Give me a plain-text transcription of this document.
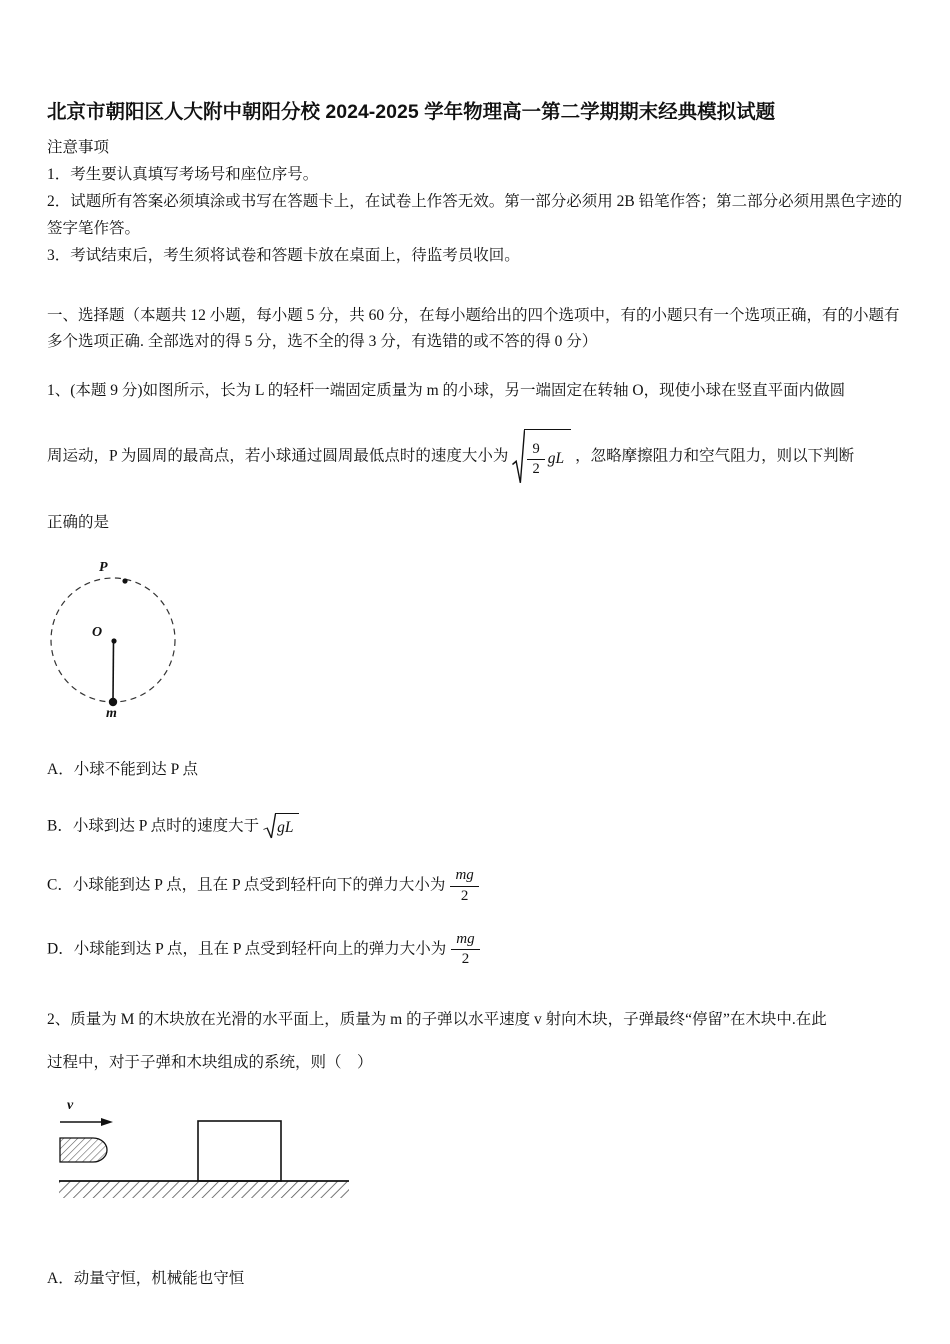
北京市朝阳区人大附中朝阳分校 2024-2025 学年物理高一第二学期期末经典模拟试题

注意事项

1．考生要认真填写考场号和座位序号。

2．试题所有答案必须填涂或书写在答题卡上，在试卷上作答无效。第一部分必须用 2B 铅笔作答；第二部分必须用黑色字迹的签字笔作答。

3．考试结束后，考生须将试卷和答题卡放在桌面上，待监考员收回。

一、选择题（本题共 12 小题，每小题 5 分，共 60 分，在每小题给出的四个选项中，有的小题只有一个选项正确，有的小题有多个选项正确. 全部选对的得 5 分，选不全的得 3 分，有选错的或不答的得 0 分）

1、(本题 9 分)如图所示，长为 L 的轻杆一端固定质量为 m 的小球，另一端固定在转轴 O，现使小球在竖直平面内做圆
周运动，P 为圆周的最高点，若小球通过圆周最低点时的速度大小为 $\frac{9}{2}$ gL ，忽略摩擦阻力和空气阻力，则以下判断
正确的是
P
O
m
A．小球不能到达 P 点
B．小球到达 P 点时的速度大于 gL
C．小球能到达 P 点，且在 P 点受到轻杆向下的弹力大小为 $\frac{mg}{2}$
D．小球能到达 P 点，且在 P 点受到轻杆向上的弹力大小为 $\frac{mg}{2}$
2、质量为 M 的木块放在光滑的水平面上，质量为 m 的子弹以水平速度 v 射向木块，子弹最终“停留”在木块中.在此
过程中，对于子弹和木块组成的系统，则（　）
v
A．动量守恒，机械能也守恒
